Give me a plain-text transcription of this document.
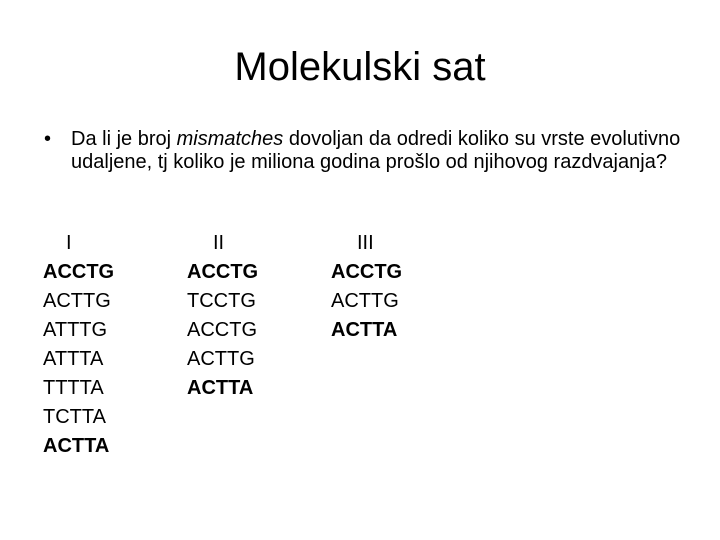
Molekulski sat
• Da li je broj mismatches dovoljan da odredi koliko su vrste evolutivno udaljene, tj koliko je miliona godina prošlo od njihovog razdvajanja?
I
ACCTG
ACTTG
ATTTG
ATTTA
TTTTA
TCTTA
ACTTA
II
ACCTG
TCCTG
ACCTG
ACTTG
ACTTA
III
ACCTG
ACTTG
ACTTA
